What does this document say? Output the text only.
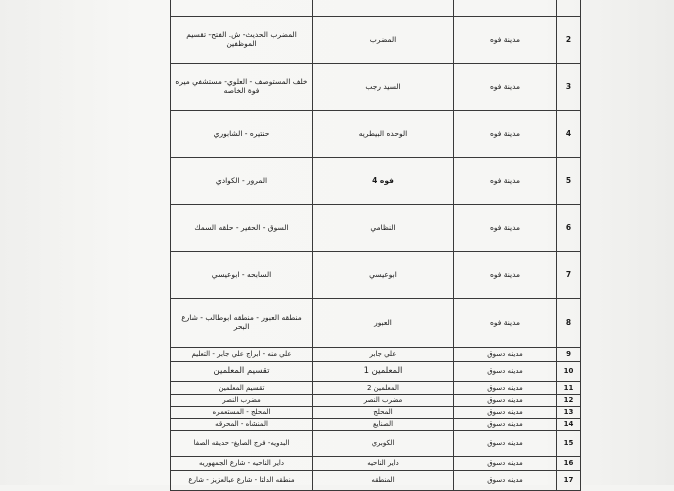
2	مدينة فوه	المضرب	المضرب الحديث- ش. الفتح- تقسيم الموظفين
3	مدينة فوه	السيد رجب	خلف المستوصف - العلوي- مستشفي ميره فوة الخاصه
4	مدينة فوه	الوحده البيطريه	حنتيره - الشابوري
5	مدينة فوه	فوه 4	المرور - الكوادي
6	مدينة فوه	النظامي	السوق - الحفير - حلقه السمك
7	مدينة فوه	ابوعيسي	السابحه - ابوعيسي
8	مدينة فوه	العبور	منطقه العبور - منطقه ابوطالب - شارع البحر
9	مدينه دسوق	علي جابر	علي منه - ابراج علي جابر - التعليم
10	مدينه دسوق	المعلمين 1	تقسيم المعلمين
11	مدينه دسوق	المعلمين 2	تقسيم المعلمين
12	مدينه دسوق	مضرب النصر	مضرب النصر
13	مدينه دسوق	المحلج	المحلج - المستعمره
14	مدينه دسوق	الصنايع	المنشاه - المحرقه
15	مدينه دسوق	الكوبري	البدويه- فرج الصايغ- حديقه الصفا
16	مدينه دسوق	داير الناحيه	داير الناحيه - شارع الجمهوريه
17	مدينه دسوق	المنطقه	منطقه الدلتا - شارع عبالعزيز - شارع
